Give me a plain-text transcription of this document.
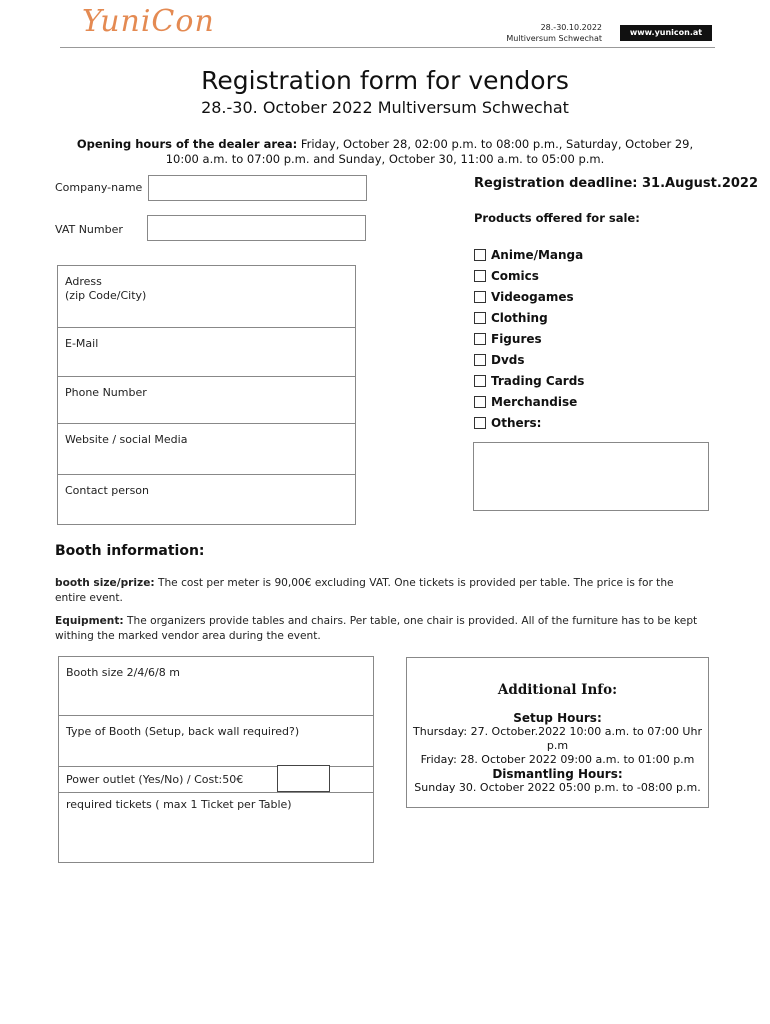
YuniCon	28.-30.10.2022
Multiversum Schwechat
www.yunicon.at
Registration form for vendors
28.-30. October 2022 Multiversum Schwechat
Opening hours of the dealer area: Friday, October 28, 02:00 p.m. to 08:00 p.m., Saturday, October 29, 10:00 a.m. to 07:00 p.m. and Sunday, October 30, 11:00 a.m. to 05:00 p.m.
Company-name
VAT Number
Adress
(zip Code/City)
E-Mail
Phone Number
Website / social Media
Contact person
Registration deadline: 31.August.2022
Products offered for sale:
Anime/Manga
Comics
Videogames
Clothing
Figures
Dvds
Trading Cards
Merchandise
Others:
Booth information:
booth size/prize: The cost per meter is 90,00€ excluding VAT. One tickets is provided per table. The price is for the entire event.
Equipment: The organizers provide tables and chairs. Per table, one chair is provided. All of the furniture has to be kept withing the marked vendor area during the event.
Booth size 2/4/6/8 m
Type of Booth (Setup, back wall required?)
Power outlet (Yes/No) / Cost:50€
required tickets ( max 1 Ticket per Table)
Additional Info:
Setup Hours:
Thursday: 27. October.2022 10:00 a.m. to 07:00 Uhr p.m
Friday: 28. October 2022 09:00 a.m. to 01:00 p.m
Dismantling Hours:
Sunday 30. October 2022 05:00 p.m. to -08:00 p.m.
